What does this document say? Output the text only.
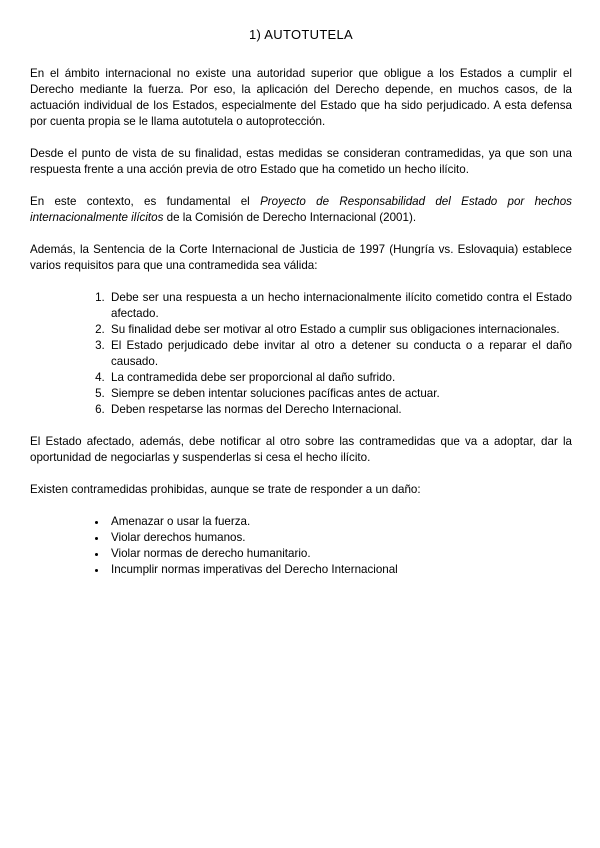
1) AUTOTUTELA

En el ámbito internacional no existe una autoridad superior que obligue a los Estados a cumplir el Derecho mediante la fuerza. Por eso, la aplicación del Derecho depende, en muchos casos, de la actuación individual de los Estados, especialmente del Estado que ha sido perjudicado. A esta defensa por cuenta propia se le llama autotutela o autoprotección.

Desde el punto de vista de su finalidad, estas medidas se consideran contramedidas, ya que son una respuesta frente a una acción previa de otro Estado que ha cometido un hecho ilícito.

En este contexto, es fundamental el Proyecto de Responsabilidad del Estado por hechos internacionalmente ilícitos de la Comisión de Derecho Internacional (2001).

Además, la Sentencia de la Corte Internacional de Justicia de 1997 (Hungría vs. Eslovaquia) establece varios requisitos para que una contramedida sea válida:

1. Debe ser una respuesta a un hecho internacionalmente ilícito cometido contra el Estado afectado.
2. Su finalidad debe ser motivar al otro Estado a cumplir sus obligaciones internacionales.
3. El Estado perjudicado debe invitar al otro a detener su conducta o a reparar el daño causado.
4. La contramedida debe ser proporcional al daño sufrido.
5. Siempre se deben intentar soluciones pacíficas antes de actuar.
6. Deben respetarse las normas del Derecho Internacional.

El Estado afectado, además, debe notificar al otro sobre las contramedidas que va a adoptar, dar la oportunidad de negociarlas y suspenderlas si cesa el hecho ilícito.

Existen contramedidas prohibidas, aunque se trate de responder a un daño:

• Amenazar o usar la fuerza.
• Violar derechos humanos.
• Violar normas de derecho humanitario.
• Incumplir normas imperativas del Derecho Internacional
